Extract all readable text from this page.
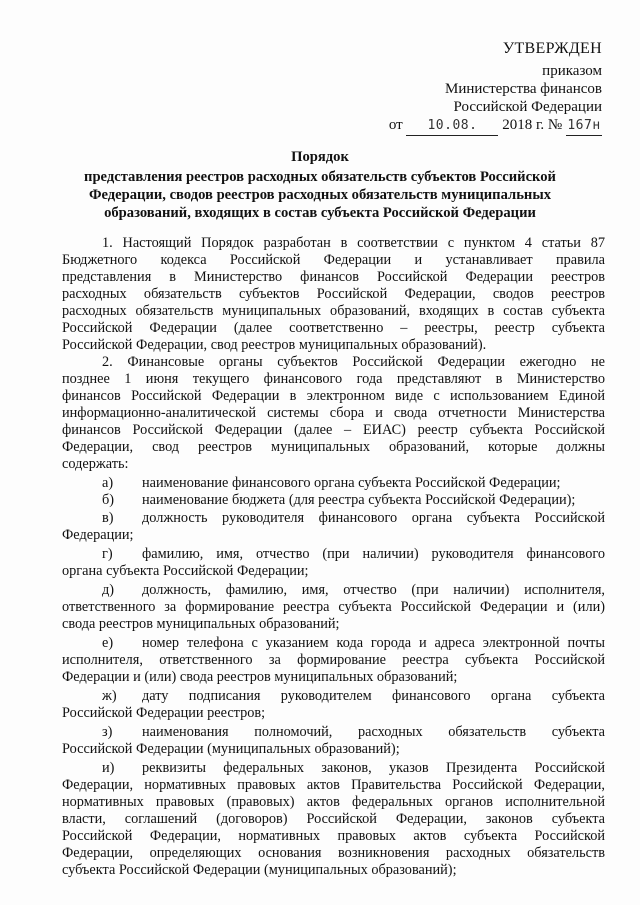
УТВЕРЖДЕН
приказом
Министерства финансов
Российской Федерации
от 10.08. 2018 г. № 167н
Порядок
представления реестров расходных обязательств субъектов Российской
Федерации, сводов реестров расходных обязательств муниципальных
образований, входящих в состав субъекта Российской Федерации
1. Настоящий Порядок разработан в соответствии с пунктом 4 статьи 87
Бюджетного кодекса Российской Федерации и устанавливает правила
представления в Министерство финансов Российской Федерации реестров
расходных обязательств субъектов Российской Федерации, сводов реестров
расходных обязательств муниципальных образований, входящих в состав субъекта
Российской Федерации (далее соответственно – реестры, реестр субъекта
Российской Федерации, свод реестров муниципальных образований).
2. Финансовые органы субъектов Российской Федерации ежегодно не
позднее 1 июня текущего финансового года представляют в Министерство
финансов Российской Федерации в электронном виде с использованием Единой
информационно-аналитической системы сбора и свода отчетности Министерства
финансов Российской Федерации (далее – ЕИАС) реестр субъекта Российской
Федерации, свод реестров муниципальных образований, которые должны
содержать:
а) наименование финансового органа субъекта Российской Федерации;
б) наименование бюджета (для реестра субъекта Российской Федерации);
в)	должность руководителя финансового органа субъекта Российской
Федерации;
г)	фамилию, имя, отчество (при наличии) руководителя финансового
органа субъекта Российской Федерации;
д)	должность, фамилию, имя, отчество (при наличии) исполнителя,
ответственного за формирование реестра субъекта Российской Федерации и (или)
свода реестров муниципальных образований;
е)	номер телефона с указанием кода города и адреса электронной почты
исполнителя, ответственного за формирование реестра субъекта Российской
Федерации и (или) свода реестров муниципальных образований;
ж)	дату подписания руководителем финансового органа субъекта
Российской Федерации реестров;
з)	наименования полномочий, расходных обязательств субъекта
Российской Федерации (муниципальных образований);
и)	реквизиты федеральных законов, указов Президента Российской
Федерации, нормативных правовых актов Правительства Российской Федерации,
нормативных правовых (правовых) актов федеральных органов исполнительной
власти, соглашений (договоров) Российской Федерации, законов субъекта
Российской Федерации, нормативных правовых актов субъекта Российской
Федерации, определяющих основания возникновения расходных обязательств
субъекта Российской Федерации (муниципальных образований);
